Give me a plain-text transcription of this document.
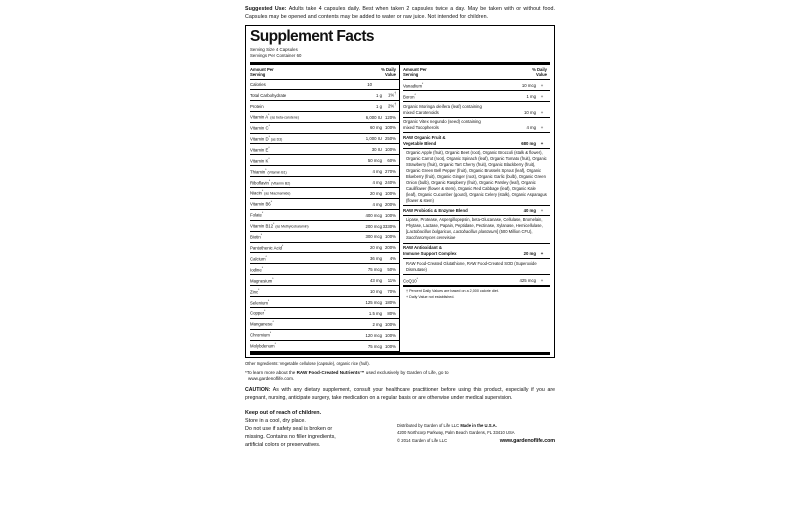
Suggested Use: Adults take 4 capsules daily. Best when taken 2 capsules twice a day. May be taken with or without food. Capsules may be opened and contents may be added to water or raw juice. Not intended for children.
Supplement Facts
Serving Size 4 Capsules
Servings Per Container 60
Amount Per
Serving
% Daily
Value
Calories	10
Total Carbohydrate	1 g	1%†
Protein	1 g	2%†
Vitamin A* (as beta-carotene)	6,000 IU 120%
Vitamin C*	60 mg 100%
Vitamin D* (as D3)	1,000 IU 250%
Vitamin E*	30 IU 100%
Vitamin K*	50 mcg	60%
Thiamin* (Vitamin B1)	4 mg 270%
Riboflavin* (Vitamin B2)	4 mg 240%
Niacin* (as Niacinamide)	20 mg 100%
Vitamin B6*	4 mg 200%
Folate*	400 mcg 100%
Vitamin B12* (as Methylcobalamin)	200 mcg 3330%
Biotin*	300 mcg 100%
Pantothenic Acid*	20 mg 200%
Calcium*	36 mg	4%
Iodine*	75 mcg	50%
Magnesium*	43 mg	11%
Zinc*	10 mg	70%
Selenium*	125 mcg 180%
Copper*	1.5 mg	80%
Manganese*	2 mg 100%
Chromium*	120 mcg 100%
Molybdenum*	75 mcg 100%
Amount Per
Serving
% Daily
Value
Vanadium*	10 mcg	+
Boron*	1 mg	+
Organic Moringa oleifera (leaf) containing
mixed Carotenoids	10 mg	+
Organic Vitex negundo (seed) containing
mixed Tocopherols	4 mg	+
RAW Organic Fruit &
Vegetable Blend	680 mg	+
Organic Apple (fruit), Organic Beet (root), Organic Broccoli (stalk & flower), Organic Carrot (root), Organic Spinach (leaf), Organic Tomato (fruit), Organic Strawberry (fruit), Organic Tart Cherry (fruit), Organic Blackberry (fruit), Organic Green Bell Pepper (fruit), Organic Brussels Sprout (leaf), Organic Blueberry (fruit), Organic Ginger (root), Organic Garlic (bulb), Organic Green Onion (bulb), Organic Raspberry (fruit), Organic Parsley (leaf), Organic Cauliflower (flower & stem), Organic Red Cabbage (leaf), Organic Kale (leaf), Organic Cucumber (gourd), Organic Celery (stalk), Organic Asparagus (flower & stem)
RAW Probiotic & Enzyme Blend	40 mg	+
Lipase, Protease, Aspergillopepsin, beta-Glucanase, Cellulase, Bromelain, Phytase, Lactase, Papain, Peptidase, Pectinase, Xylanase, Hemicellulase, [Lactobacillus bulgaricus, Lactobacillus plantarum] (500 Million CFU), Saccharomyces cerevisiae
RAW Antioxidant &
Immune Support Complex	20 mg	+
RAW Food-Created Glutathione, RAW Food-Created SOD (Superoxide Dismutase)
CoQ10*	425 mcg	+
† Percent Daily Values are based on a 2,000 calorie diet.
+ Daily Value not established.
Other Ingredients: Vegetable cellulose (capsule), organic rice (hull).
*To learn more about the RAW Food-Created Nutrients™ used exclusively by Garden of Life, go to
www.gardenoflife.com.
CAUTION: As with any dietary supplement, consult your healthcare practitioner before using this product, especially if you are pregnant, nursing, anticipate surgery, take medication on a regular basis or are otherwise under medical supervision.
Keep out of reach of children.
Store in a cool, dry place.
Do not use if safety seal is broken or
missing. Contains no filler ingredients,
artificial colors or preservatives.
Distributed by Garden of Life LLC Made in the U.S.A.
4200 Northcorp Parkway, Palm Beach Gardens, FL 33410 USA
© 2014 Garden of Life LLC	www.gardenoflife.com
